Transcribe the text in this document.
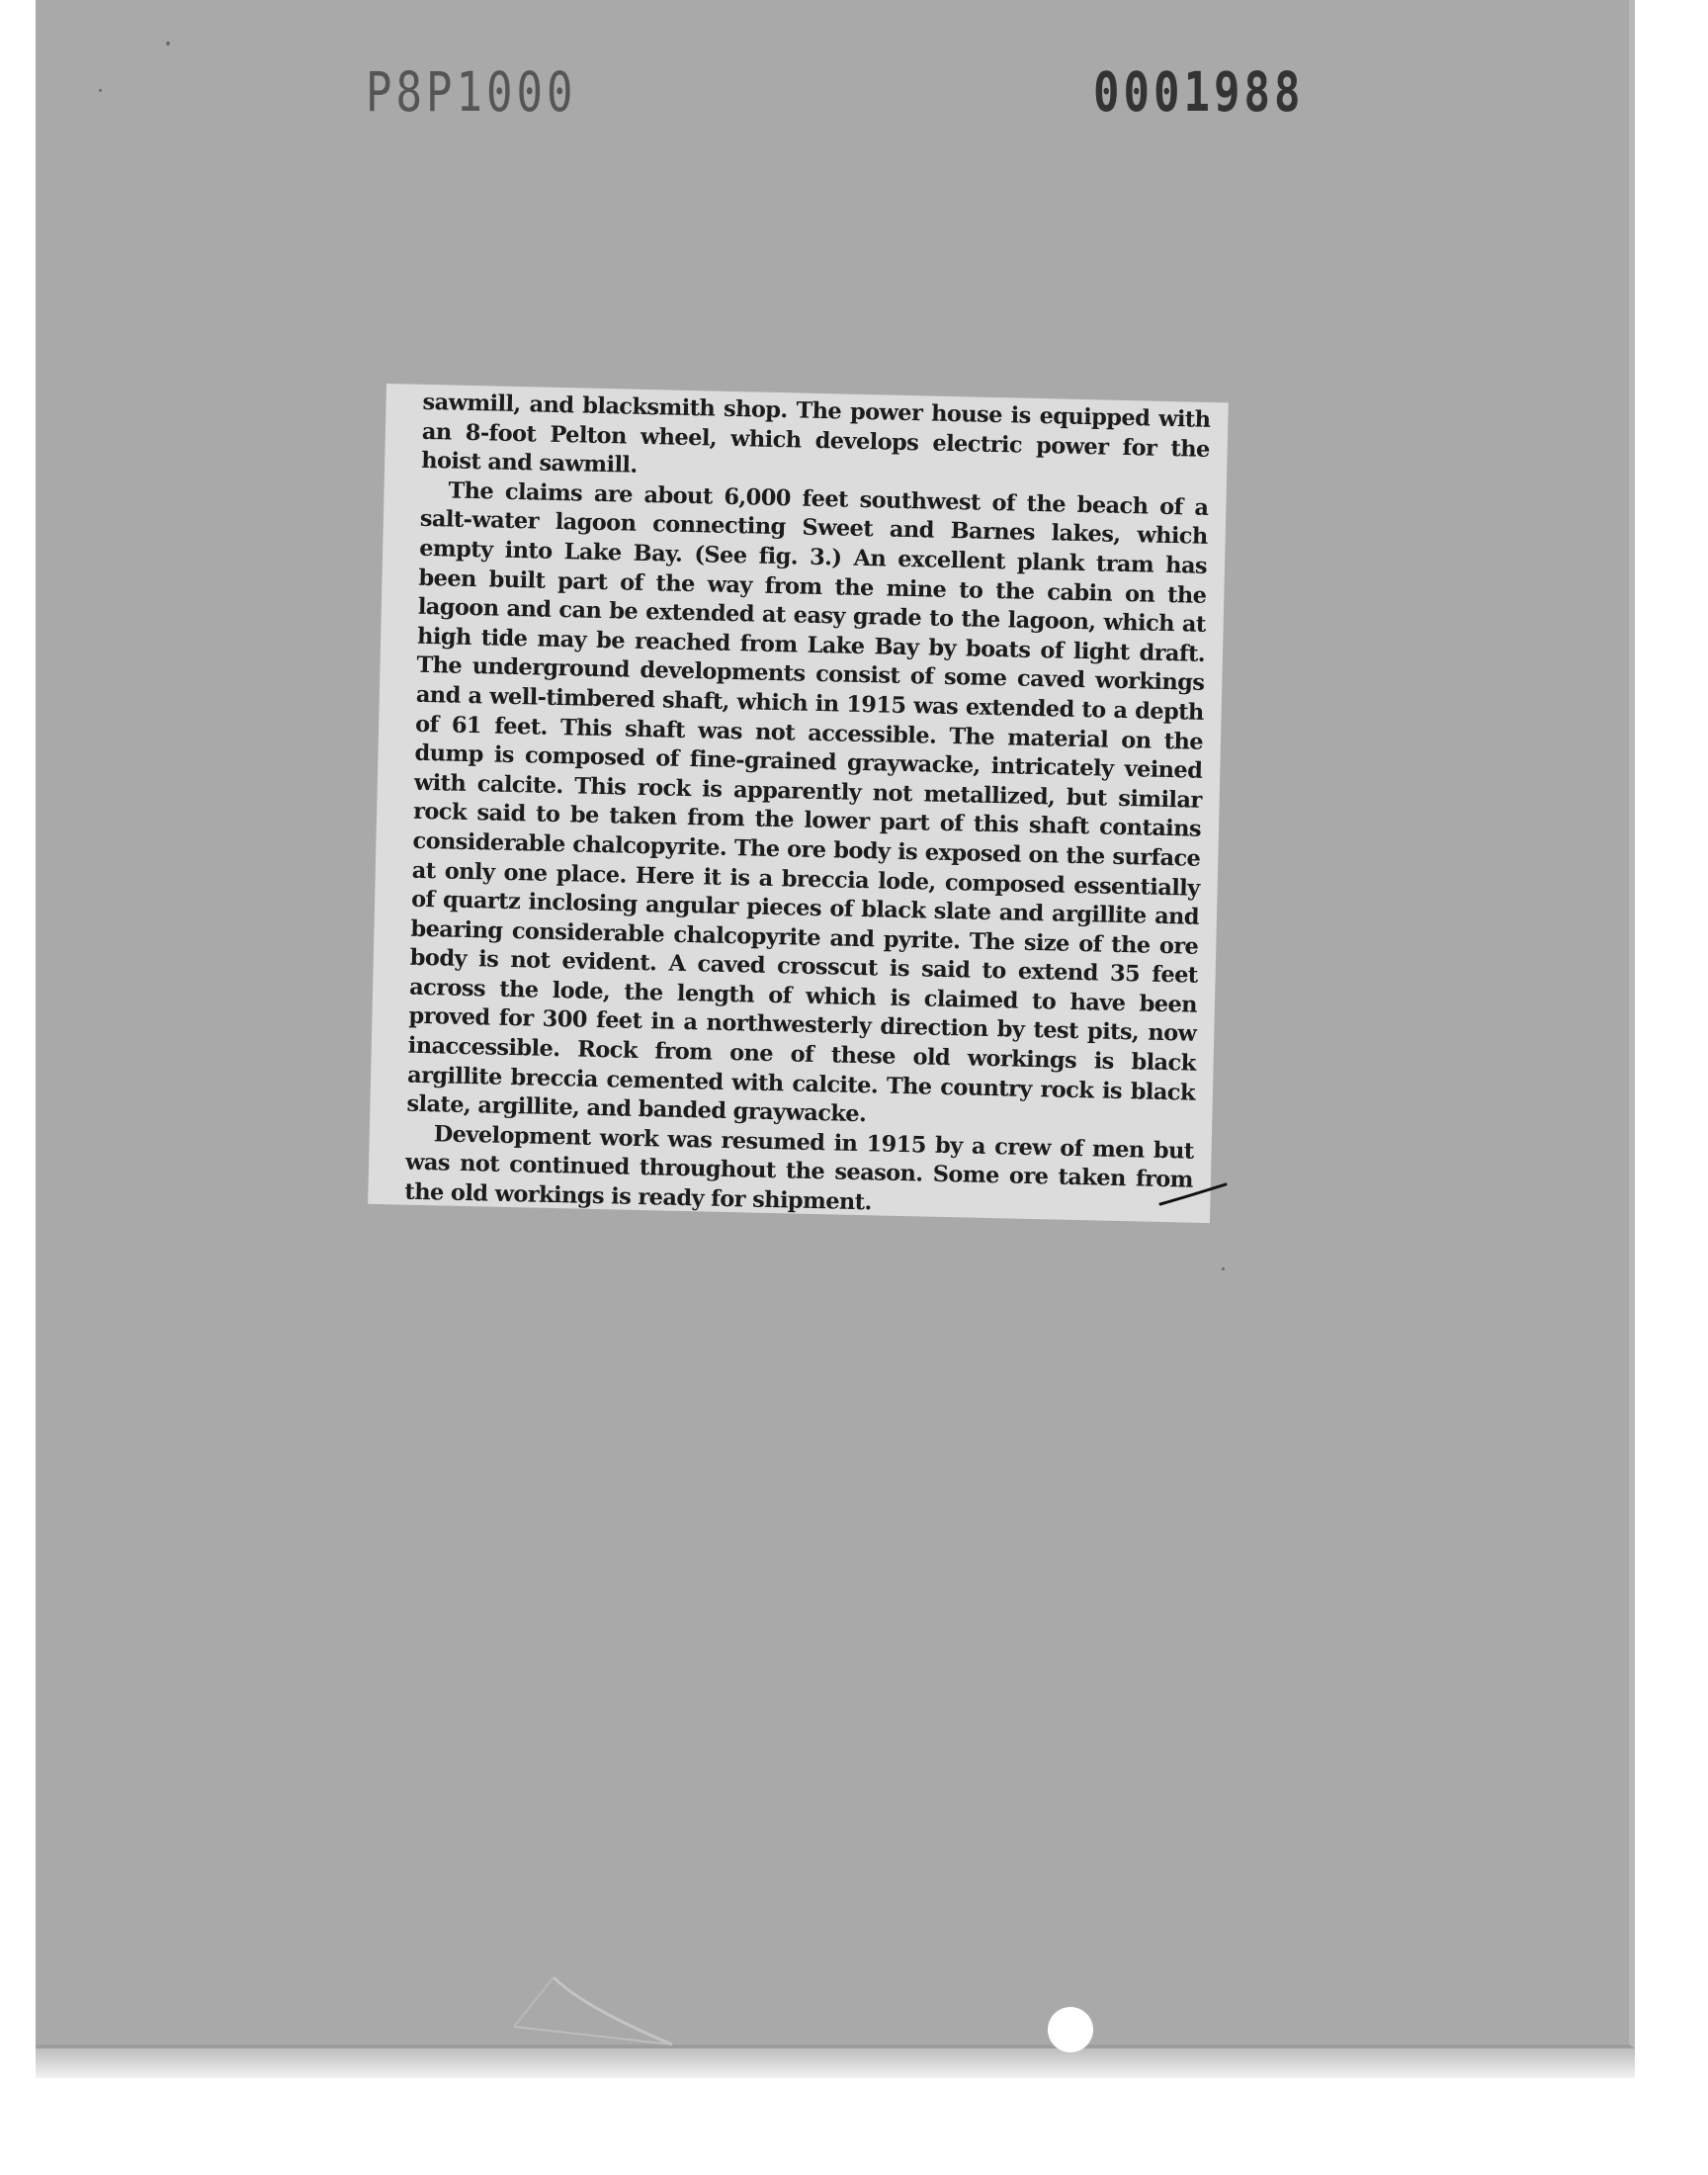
P8P1000	0001988

sawmill, and blacksmith shop. The power house is equipped with an 8-foot Pelton wheel, which develops electric power for the hoist and sawmill.

The claims are about 6,000 feet southwest of the beach of a salt-water lagoon connecting Sweet and Barnes lakes, which empty into Lake Bay. (See fig. 3.) An excellent plank tram has been built part of the way from the mine to the cabin on the lagoon and can be extended at easy grade to the lagoon, which at high tide may be reached from Lake Bay by boats of light draft. The underground developments consist of some caved workings and a well-timbered shaft, which in 1915 was extended to a depth of 61 feet. This shaft was not accessible. The material on the dump is composed of fine-grained graywacke, intricately veined with calcite. This rock is apparently not metallized, but similar rock said to be taken from the lower part of this shaft contains considerable chalcopyrite. The ore body is exposed on the surface at only one place. Here it is a breccia lode, composed essentially of quartz inclosing angular pieces of black slate and argillite and bearing considerable chalcopyrite and pyrite. The size of the ore body is not evident. A caved crosscut is said to extend 35 feet across the lode, the length of which is claimed to have been proved for 300 feet in a northwesterly direction by test pits, now inaccessible. Rock from one of these old workings is black argillite breccia cemented with calcite. The country rock is black slate, argillite, and banded graywacke.

Development work was resumed in 1915 by a crew of men but was not continued throughout the season. Some ore taken from the old workings is ready for shipment.
